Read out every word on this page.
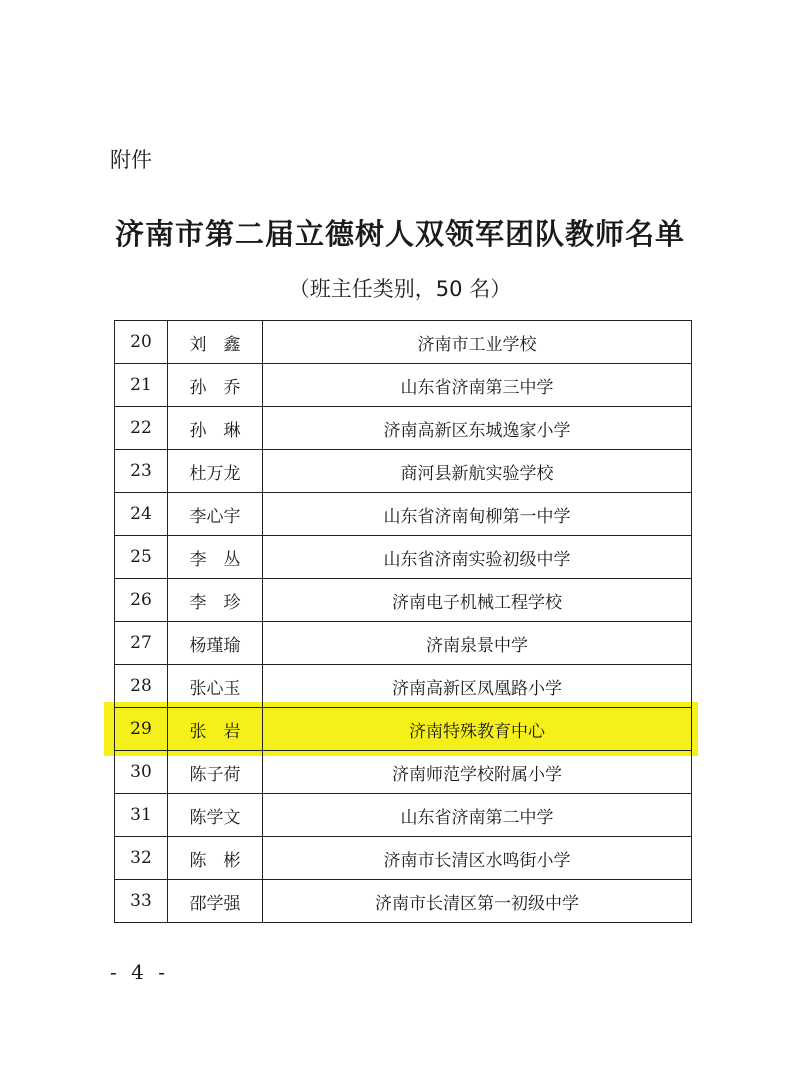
附件
济南市第二届立德树人双领军团队教师名单
（班主任类别，50 名）
20	刘　鑫	济南市工业学校
21	孙　乔	山东省济南第三中学
22	孙　琳	济南高新区东城逸家小学
23	杜万龙	商河县新航实验学校
24	李心宇	山东省济南甸柳第一中学
25	李　丛	山东省济南实验初级中学
26	李　珍	济南电子机械工程学校
27	杨瑾瑜	济南泉景中学
28	张心玉	济南高新区凤凰路小学
29	张　岩	济南特殊教育中心
30	陈子荷	济南师范学校附属小学
31	陈学文	山东省济南第二中学
32	陈　彬	济南市长清区水鸣街小学
33	邵学强	济南市长清区第一初级中学
- 4 -
